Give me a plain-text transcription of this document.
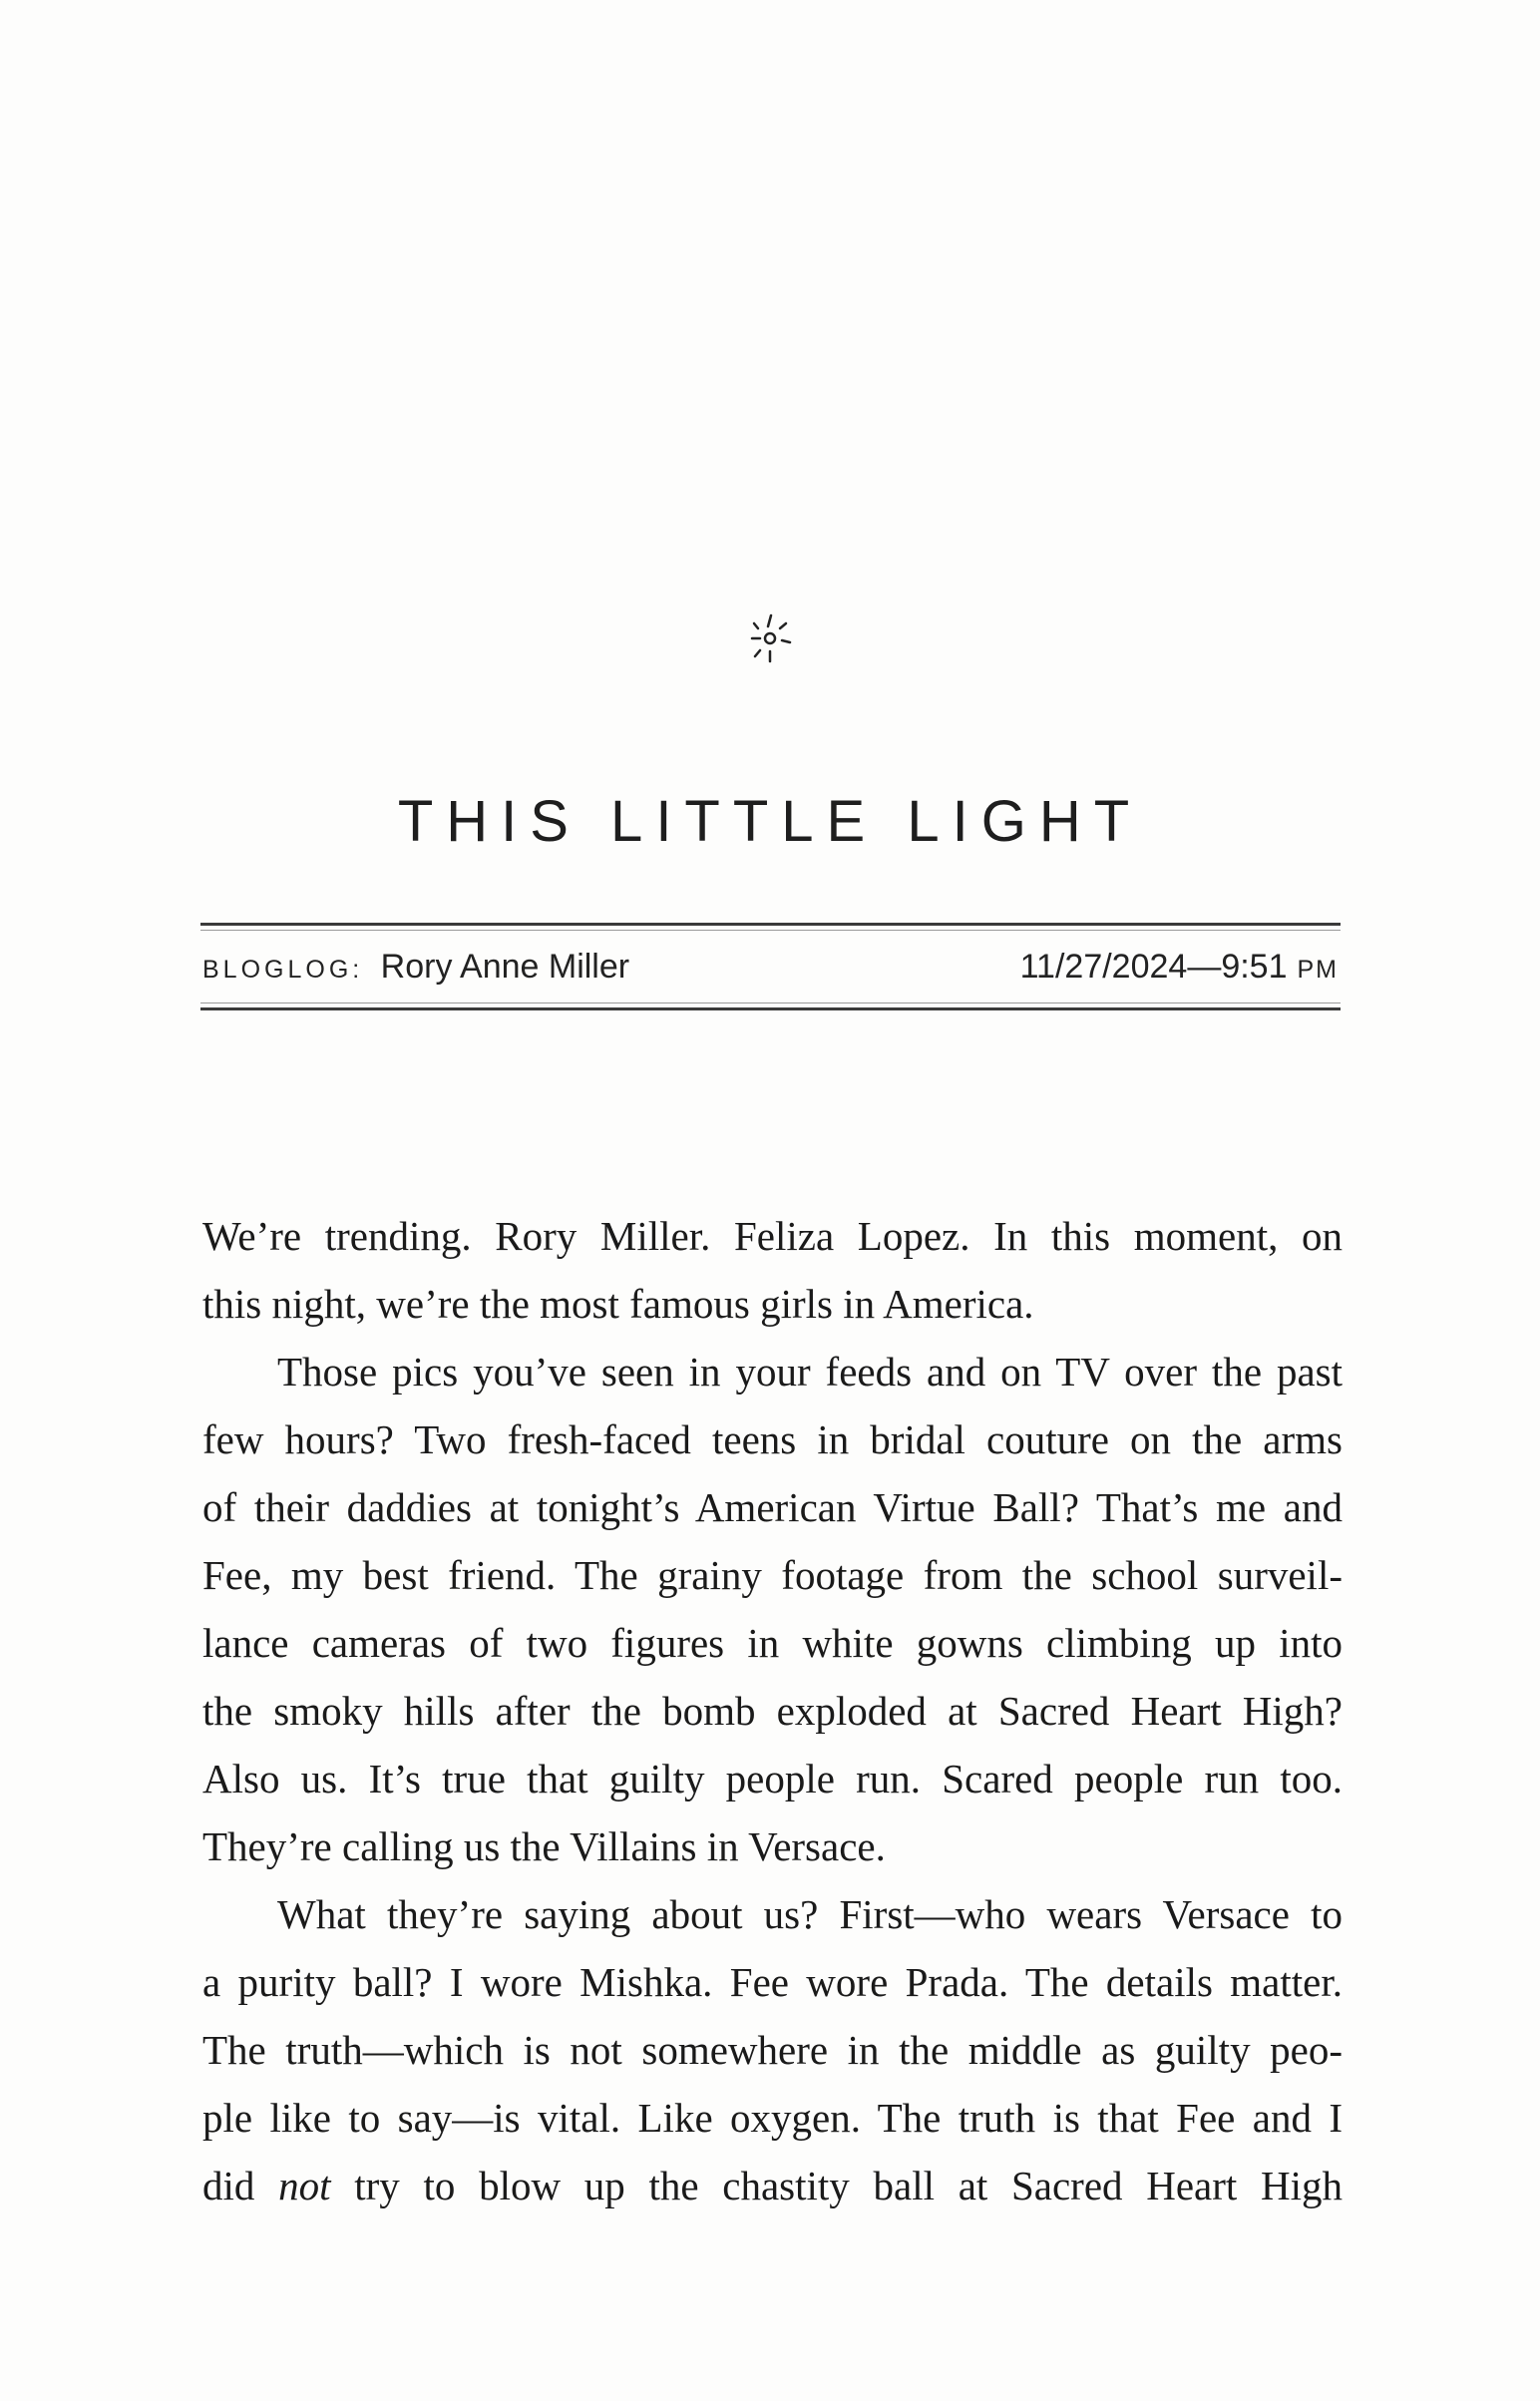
THIS LITTLE LIGHT
BLOGLOG: Rory Anne Miller	11/27/2024—9:51 PM

We’re trending. Rory Miller. Feliza Lopez. In this moment, on

this night, we’re the most famous girls in America.

Those pics you’ve seen in your feeds and on TV over the past

few hours? Two fresh-faced teens in bridal couture on the arms

of their daddies at tonight’s American Virtue Ball? That’s me and

Fee, my best friend. The grainy footage from the school surveil-

lance cameras of two figures in white gowns climbing up into

the smoky hills after the bomb exploded at Sacred Heart High?

Also us. It’s true that guilty people run. Scared people run too.

They’re calling us the Villains in Versace.

What they’re saying about us? First—who wears Versace to

a purity ball? I wore Mishka. Fee wore Prada. The details matter.

The truth—which is not somewhere in the middle as guilty peo-

ple like to say—is vital. Like oxygen. The truth is that Fee and I

did not try to blow up the chastity ball at Sacred Heart High
